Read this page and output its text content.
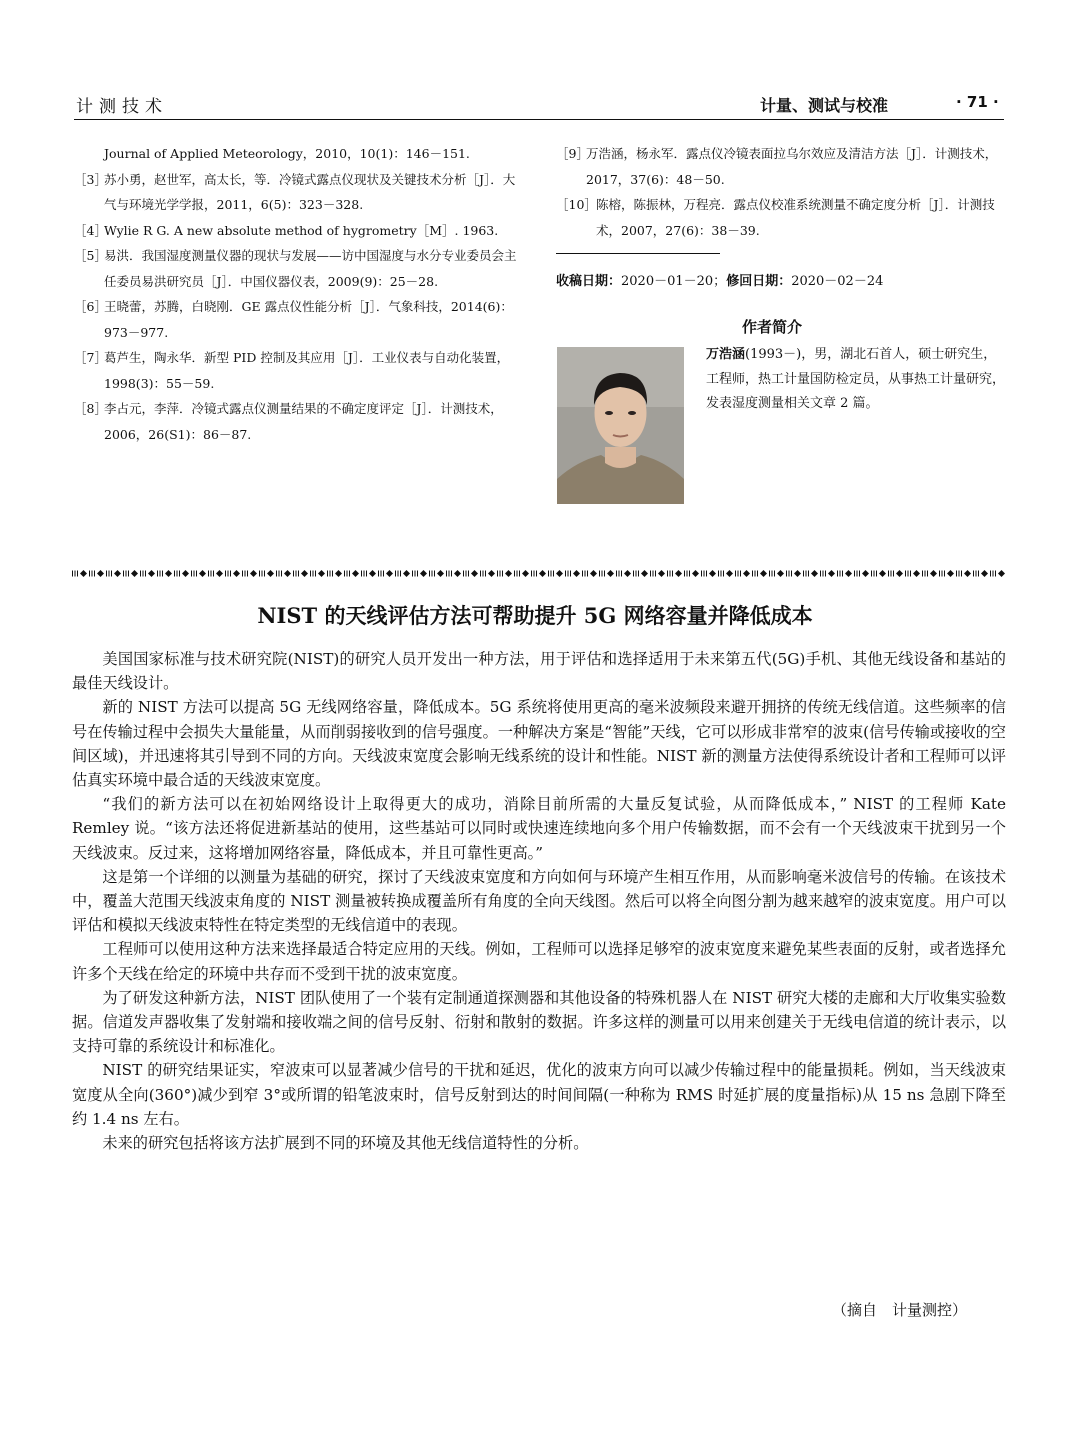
计测技术	计量、测试与校准	· 71 ·
Journal of Applied Meteorology，2010，10(1)：146－151.
［3］苏小勇，赵世军，高太长，等．冷镜式露点仪现状及关键技术分析［J］．大气与环境光学学报，2011，6(5)：323－328.
［4］Wylie R G. A new absolute method of hygrometry［M］. 1963.
［5］易洪．我国湿度测量仪器的现状与发展——访中国湿度与水分专业委员会主任委员易洪研究员［J］．中国仪器仪表，2009(9)：25－28.
［6］王晓蕾，苏腾，白晓刚．GE 露点仪性能分析［J］．气象科技，2014(6)：973－977.
［7］葛芦生，陶永华．新型 PID 控制及其应用［J］．工业仪表与自动化装置，1998(3)：55－59.
［8］李占元，李萍．冷镜式露点仪测量结果的不确定度评定［J］．计测技术，2006，26(S1)：86－87.
［9］万浩涵，杨永军．露点仪冷镜表面拉乌尔效应及清洁方法［J］．计测技术，2017，37(6)：48－50.
［10］陈榕，陈振林，万程亮．露点仪校准系统测量不确定度分析［J］．计测技术，2007，27(6)：38－39.
收稿日期：2020－01－20；修回日期：2020－02－24
作者简介
万浩涵(1993－)，男，湖北石首人，硕士研究生，工程师，热工计量国防检定员，从事热工计量研究，发表湿度测量相关文章 2 篇。
NIST 的天线评估方法可帮助提升 5G 网络容量并降低成本

美国国家标准与技术研究院(NIST)的研究人员开发出一种方法，用于评估和选择适用于未来第五代(5G)手机、其他无线设备和基站的最佳天线设计。

新的 NIST 方法可以提高 5G 无线网络容量，降低成本。5G 系统将使用更高的毫米波频段来避开拥挤的传统无线信道。这些频率的信号在传输过程中会损失大量能量，从而削弱接收到的信号强度。一种解决方案是“智能”天线，它可以形成非常窄的波束(信号传输或接收的空间区域)，并迅速将其引导到不同的方向。天线波束宽度会影响无线系统的设计和性能。NIST 新的测量方法使得系统设计者和工程师可以评估真实环境中最合适的天线波束宽度。

“我们的新方法可以在初始网络设计上取得更大的成功，消除目前所需的大量反复试验，从而降低成本，” NIST 的工程师 Kate Remley 说。“该方法还将促进新基站的使用，这些基站可以同时或快速连续地向多个用户传输数据，而不会有一个天线波束干扰到另一个天线波束。反过来，这将增加网络容量，降低成本，并且可靠性更高。”

这是第一个详细的以测量为基础的研究，探讨了天线波束宽度和方向如何与环境产生相互作用，从而影响毫米波信号的传输。在该技术中，覆盖大范围天线波束角度的 NIST 测量被转换成覆盖所有角度的全向天线图。然后可以将全向图分割为越来越窄的波束宽度。用户可以评估和模拟天线波束特性在特定类型的无线信道中的表现。

工程师可以使用这种方法来选择最适合特定应用的天线。例如，工程师可以选择足够窄的波束宽度来避免某些表面的反射，或者选择允许多个天线在给定的环境中共存而不受到干扰的波束宽度。

为了研发这种新方法，NIST 团队使用了一个装有定制通道探测器和其他设备的特殊机器人在 NIST 研究大楼的走廊和大厅收集实验数据。信道发声器收集了发射端和接收端之间的信号反射、衍射和散射的数据。许多这样的测量可以用来创建关于无线电信道的统计表示，以支持可靠的系统设计和标准化。

NIST 的研究结果证实，窄波束可以显著减少信号的干扰和延迟，优化的波束方向可以减少传输过程中的能量损耗。例如，当天线波束宽度从全向(360°)减少到窄 3°或所谓的铅笔波束时，信号反射到达的时间间隔(一种称为 RMS 时延扩展的度量指标)从 15 ns 急剧下降至约 1.4 ns 左右。

未来的研究包括将该方法扩展到不同的环境及其他无线信道特性的分析。

（摘自　计量测控）
